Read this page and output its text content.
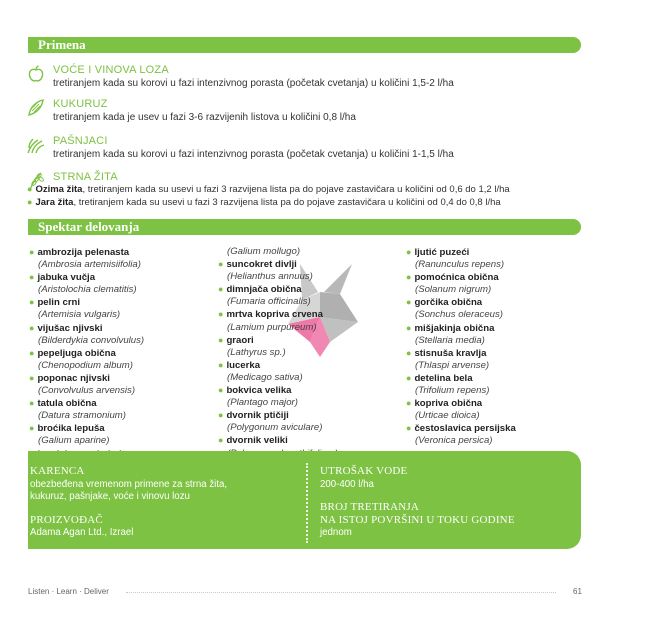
Primena
VOĆE I VINOVA LOZA
tretiranjem kada su korovi u fazi intenzivnog porasta (početak cvetanja) u količini 1,5-2 l/ha
KUKURUZ
tretiranjem kada je usev u fazi 3-6 razvijenih listova u količini 0,8 l/ha
PAŠNJACI
tretiranjem kada su korovi u fazi intenzivnog porasta (početak cvetanja) u količini 1-1,5 l/ha
STRNA ŽITA
● Ozima žita, tretiranjem kada su usevi u fazi 3 razvijena lista pa do pojave zastavičara u količini od 0,6 do 1,2 l/ha
● Jara žita, tretiranjem kada su usevi u fazi 3 razvijena lista pa do pojave zastavičara u količini od 0,4 do 0,8 l/ha
Spektar delovanja
● ambrozija pelenasta
(Ambrosia artemisiifolia)
● jabuka vučja
(Aristolochia clematitis)
● pelin crni
(Artemisia vulgaris)
● vijušac njivski
(Bilderdykia convolvulus)
● pepeljuga obična
(Chenopodium album)
● poponac njivski
(Convolvulus arvensis)
● tatula obična
(Datura stramonium)
● broćika lepuša
(Galium aparine)
(Galium mollugo)
● suncokret divlji
(Helianthus annuus)
● dimnjača obična
(Fumaria officinalis)
● mrtva kopriva crvena
(Lamium purpureum)
● graori
(Lathyrus sp.)
● lucerka
(Medicago sativa)
● bokvica velika
(Plantago major)
● dvornik ptičiji
(Polygonum aviculare)
● dvornik veliki
● ljutić puzeći
(Ranunculus repens)
● pomoćnica obična
(Solanum nigrum)
● gorčika obična
(Sonchus oleraceus)
● mišjakinja obična
(Stellaria media)
● stisnuša kravlja
(Thlaspi arvense)
● detelina bela
(Trifolium repens)
● kopriva obična
(Urticae dioica)
● čestoslavica persijska
(Veronica persica)
KARENCA
obezbeđena vremenom primene za strna žita,
kukuruz, pašnjake, voće i vinovu lozu
PROIZVOĐAČ
Adama Agan Ltd., Izrael
UTROŠAK VODE
200-400 l/ha
BROJ TRETIRANJA
NA ISTOJ POVRŠINI U TOKU GODINE
jednom
Listen · Learn · Deliver	61
